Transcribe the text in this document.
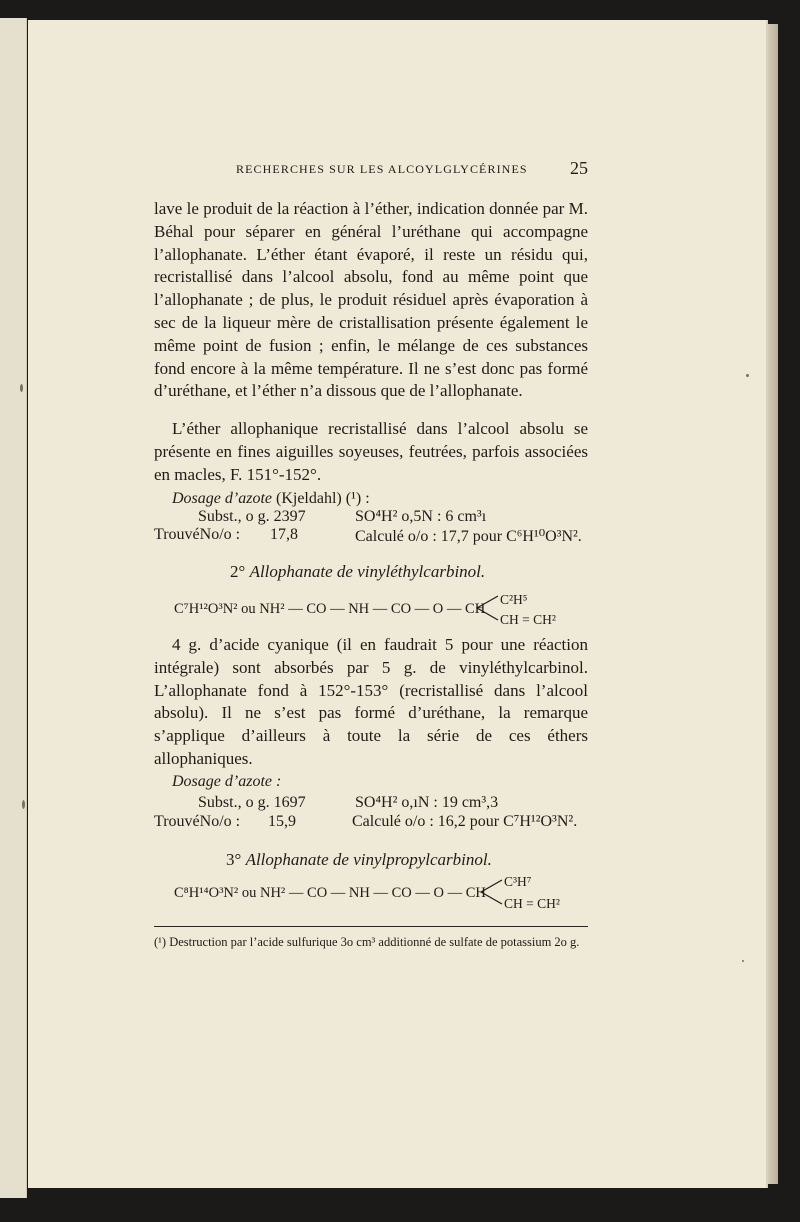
RECHERCHES SUR LES ALCOYLGLYCÉRINES 25
lave le produit de la réaction à l’éther, indication donnée par M. Béhal pour séparer en général l’uréthane qui accompagne l’allophanate. L’éther étant évaporé, il reste un résidu qui, recristallisé dans l’alcool absolu, fond au même point que l’allophanate ; de plus, le produit résiduel après évaporation à sec de la liqueur mère de cristallisation présente également le même point de fusion ; enfin, le mélange de ces substances fond encore à la même température. Il ne s’est donc pas formé d’uréthane, et l’éther n’a dissous que de l’allophanate.
L’éther allophanique recristallisé dans l’alcool absolu se présente en fines aiguilles soyeuses, feutrées, parfois associées en macles, F. 151°-152°.
Dosage d’azote (Kjeldahl) (¹) :
Subst., o g. 2397	SO⁴H² o,5N : 6 cm³ı
TrouvéNo/o : 17,8	Calculé o/o : 17,7 pour C⁶H¹⁰O³N².
2° Allophanate de vinyléthylcarbinol.
C⁷H¹²O³N² ou NH² — CO — NH — CO — O — CH
C²H⁵
CH = CH²
4 g. d’acide cyanique (il en faudrait 5 pour une réaction intégrale) sont absorbés par 5 g. de vinyléthylcarbinol. L’allophanate fond à 152°-153° (recristallisé dans l’alcool absolu). Il ne s’est pas formé d’uréthane, la remarque s’applique d’ailleurs à toute la série de ces éthers allophaniques.
Dosage d’azote :
Subst., o g. 1697	SO⁴H² o,ıN : 19 cm³,3
TrouvéNo/o : 15,9	Calculé o/o : 16,2 pour C⁷H¹²O³N².
3° Allophanate de vinylpropylcarbinol.
C⁸H¹⁴O³N² ou NH² — CO — NH — CO — O — CH
C³H⁷
CH = CH²
(¹) Destruction par l’acide sulfurique 3o cm³ additionné de sulfate de potassium 2o g.
